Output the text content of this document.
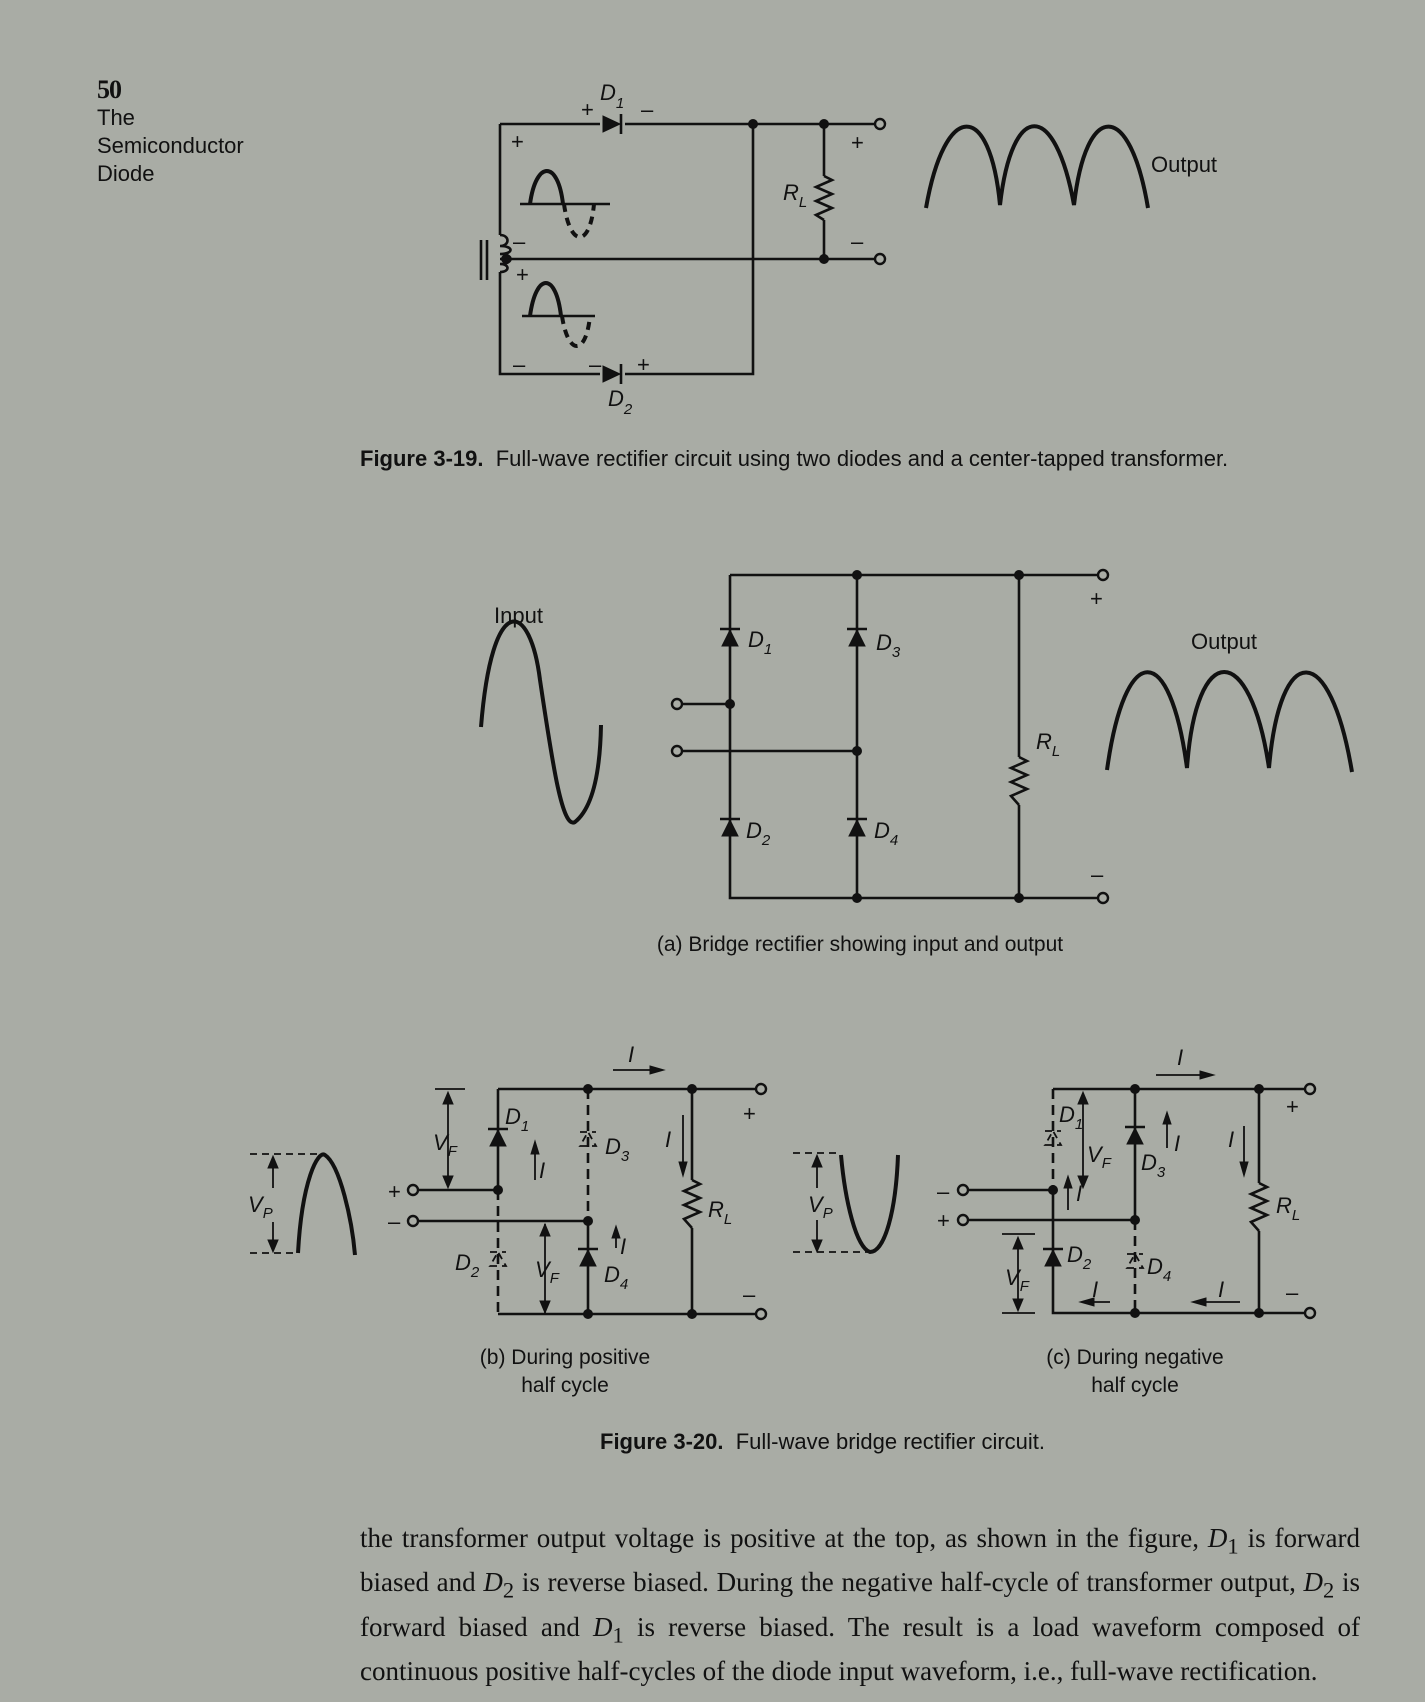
50
The
Semiconductor
Diode
+ –
+
–
+
–	– +
+
–
$D_1$
$D_2$
$R_L$
Output
Figure 3-19. Full-wave rectifier circuit using two diodes and a center-tapped transformer.
Input
Output
+
–
$D_1$
$D_2$
$D_3$
$D_4$
$R_L$
(a) Bridge rectifier showing input and output
I
I
I
I
$V_P$
$V_F$
$V_F$
$D_1$
$D_3$
$D_2$	$D_4$
$R_L$
+
–
+
–
(b) During positive
half cycle
I
I
I I
I	I
$V_P$
$V_F$
$V_F$
$D_1$
$D_3$
$D_2$	$D_4$
$R_L$
–
+
+
–
(c) During negative
half cycle
Figure 3-20. Full-wave bridge rectifier circuit.
the transformer output voltage is positive at the top, as shown in the figure, $D_1$ is forward biased and $D_2$ is reverse biased. During the negative half-cycle of transformer output, $D_2$ is forward biased and $D_1$ is reverse biased. The result is a load waveform composed of continuous positive half-cycles of the diode input waveform, i.e., full-wave rectification.
